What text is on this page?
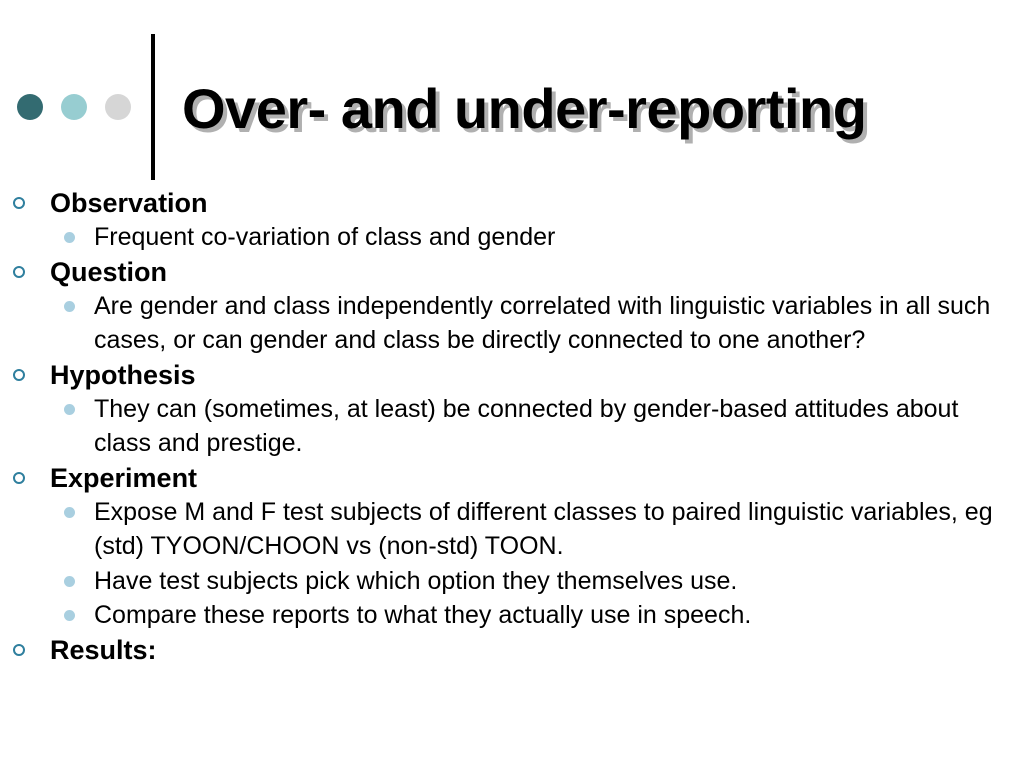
Over- and under-reporting
Observation
Frequent co-variation of class and gender
Question
Are gender and class independently correlated with linguistic variables in all such cases, or can gender and class be directly connected to one another?
Hypothesis
They can (sometimes, at least) be connected by gender-based attitudes about class and prestige.
Experiment
Expose M and F test subjects of different classes to paired linguistic variables, eg (std) TYOON/CHOON vs (non-std) TOON.
Have test subjects pick which option they themselves use.
Compare these reports to what they actually use in speech.
Results:
